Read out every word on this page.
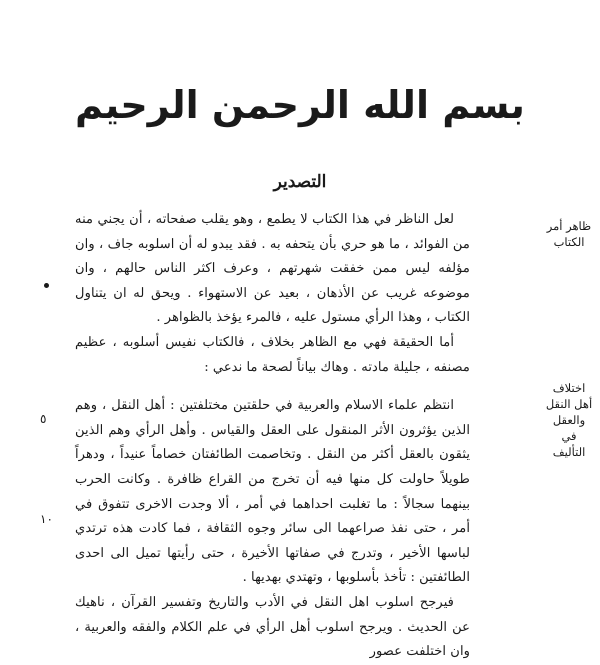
بسم الله الرحمن الرحيم
التصدير
ظاهر أمر الكتاب
اختلاف أهل النقل والعقل في التأليف
٥
١٠

لعل الناظر في هذا الكتاب لا يطمع ، وهو يقلب صفحاته ، أن يجني منه من الفوائد ، ما هو حري بأن يتحفه به . فقد يبدو له أن اسلوبه جاف ، وان مؤلفه ليس ممن خفقت شهرتهم ، وعرف اكثر الناس حالهم ، وان موضوعه غريب عن الأذهان ، بعيد عن الاستهواء . ويحق له ان يتناول الكتاب ، وهذا الرأي مستول عليه ، فالمرء يؤخذ بالظواهر .

أما الحقيقة فهي مع الظاهر بخلاف ، فالكتاب نفيس أسلوبه ، عظيم مصنفه ، جليلة مادته . وهاك بياناً لصحة ما ندعي :

انتظم علماء الاسلام والعربية في حلقتين مختلفتين : أهل النقل ، وهم الذين يؤثرون الأثر المنقول على العقل والقياس . وأهل الرأي وهم الذين يثقون بالعقل أكثر من النقل . وتخاصمت الطائفتان خصاماً عنيداً ، ودهراً طويلاً حاولت كل منها فيه أن تخرج من القراع ظافرة . وكانت الحرب بينهما سجالاً : ما تغلبت احداهما في أمر ، ألا وجدت الاخرى تتفوق في أمر ، حتى نفذ صراعهما الى سائر وجوه الثقافة ، فما كادت هذه ترتدي لباسها الأخير ، وتدرج في صفاتها الأخيرة ، حتى رأيتها تميل الى احدى الطائفتين : تأخذ بأسلوبها ، وتهتدي بهديها .

فيرجح اسلوب اهل النقل في الأدب والتاريخ وتفسير القرآن ، ناهيك عن الحديث . ويرجح اسلوب أهل الرأي في علم الكلام والفقه والعربية ، وان اختلفت عصور
